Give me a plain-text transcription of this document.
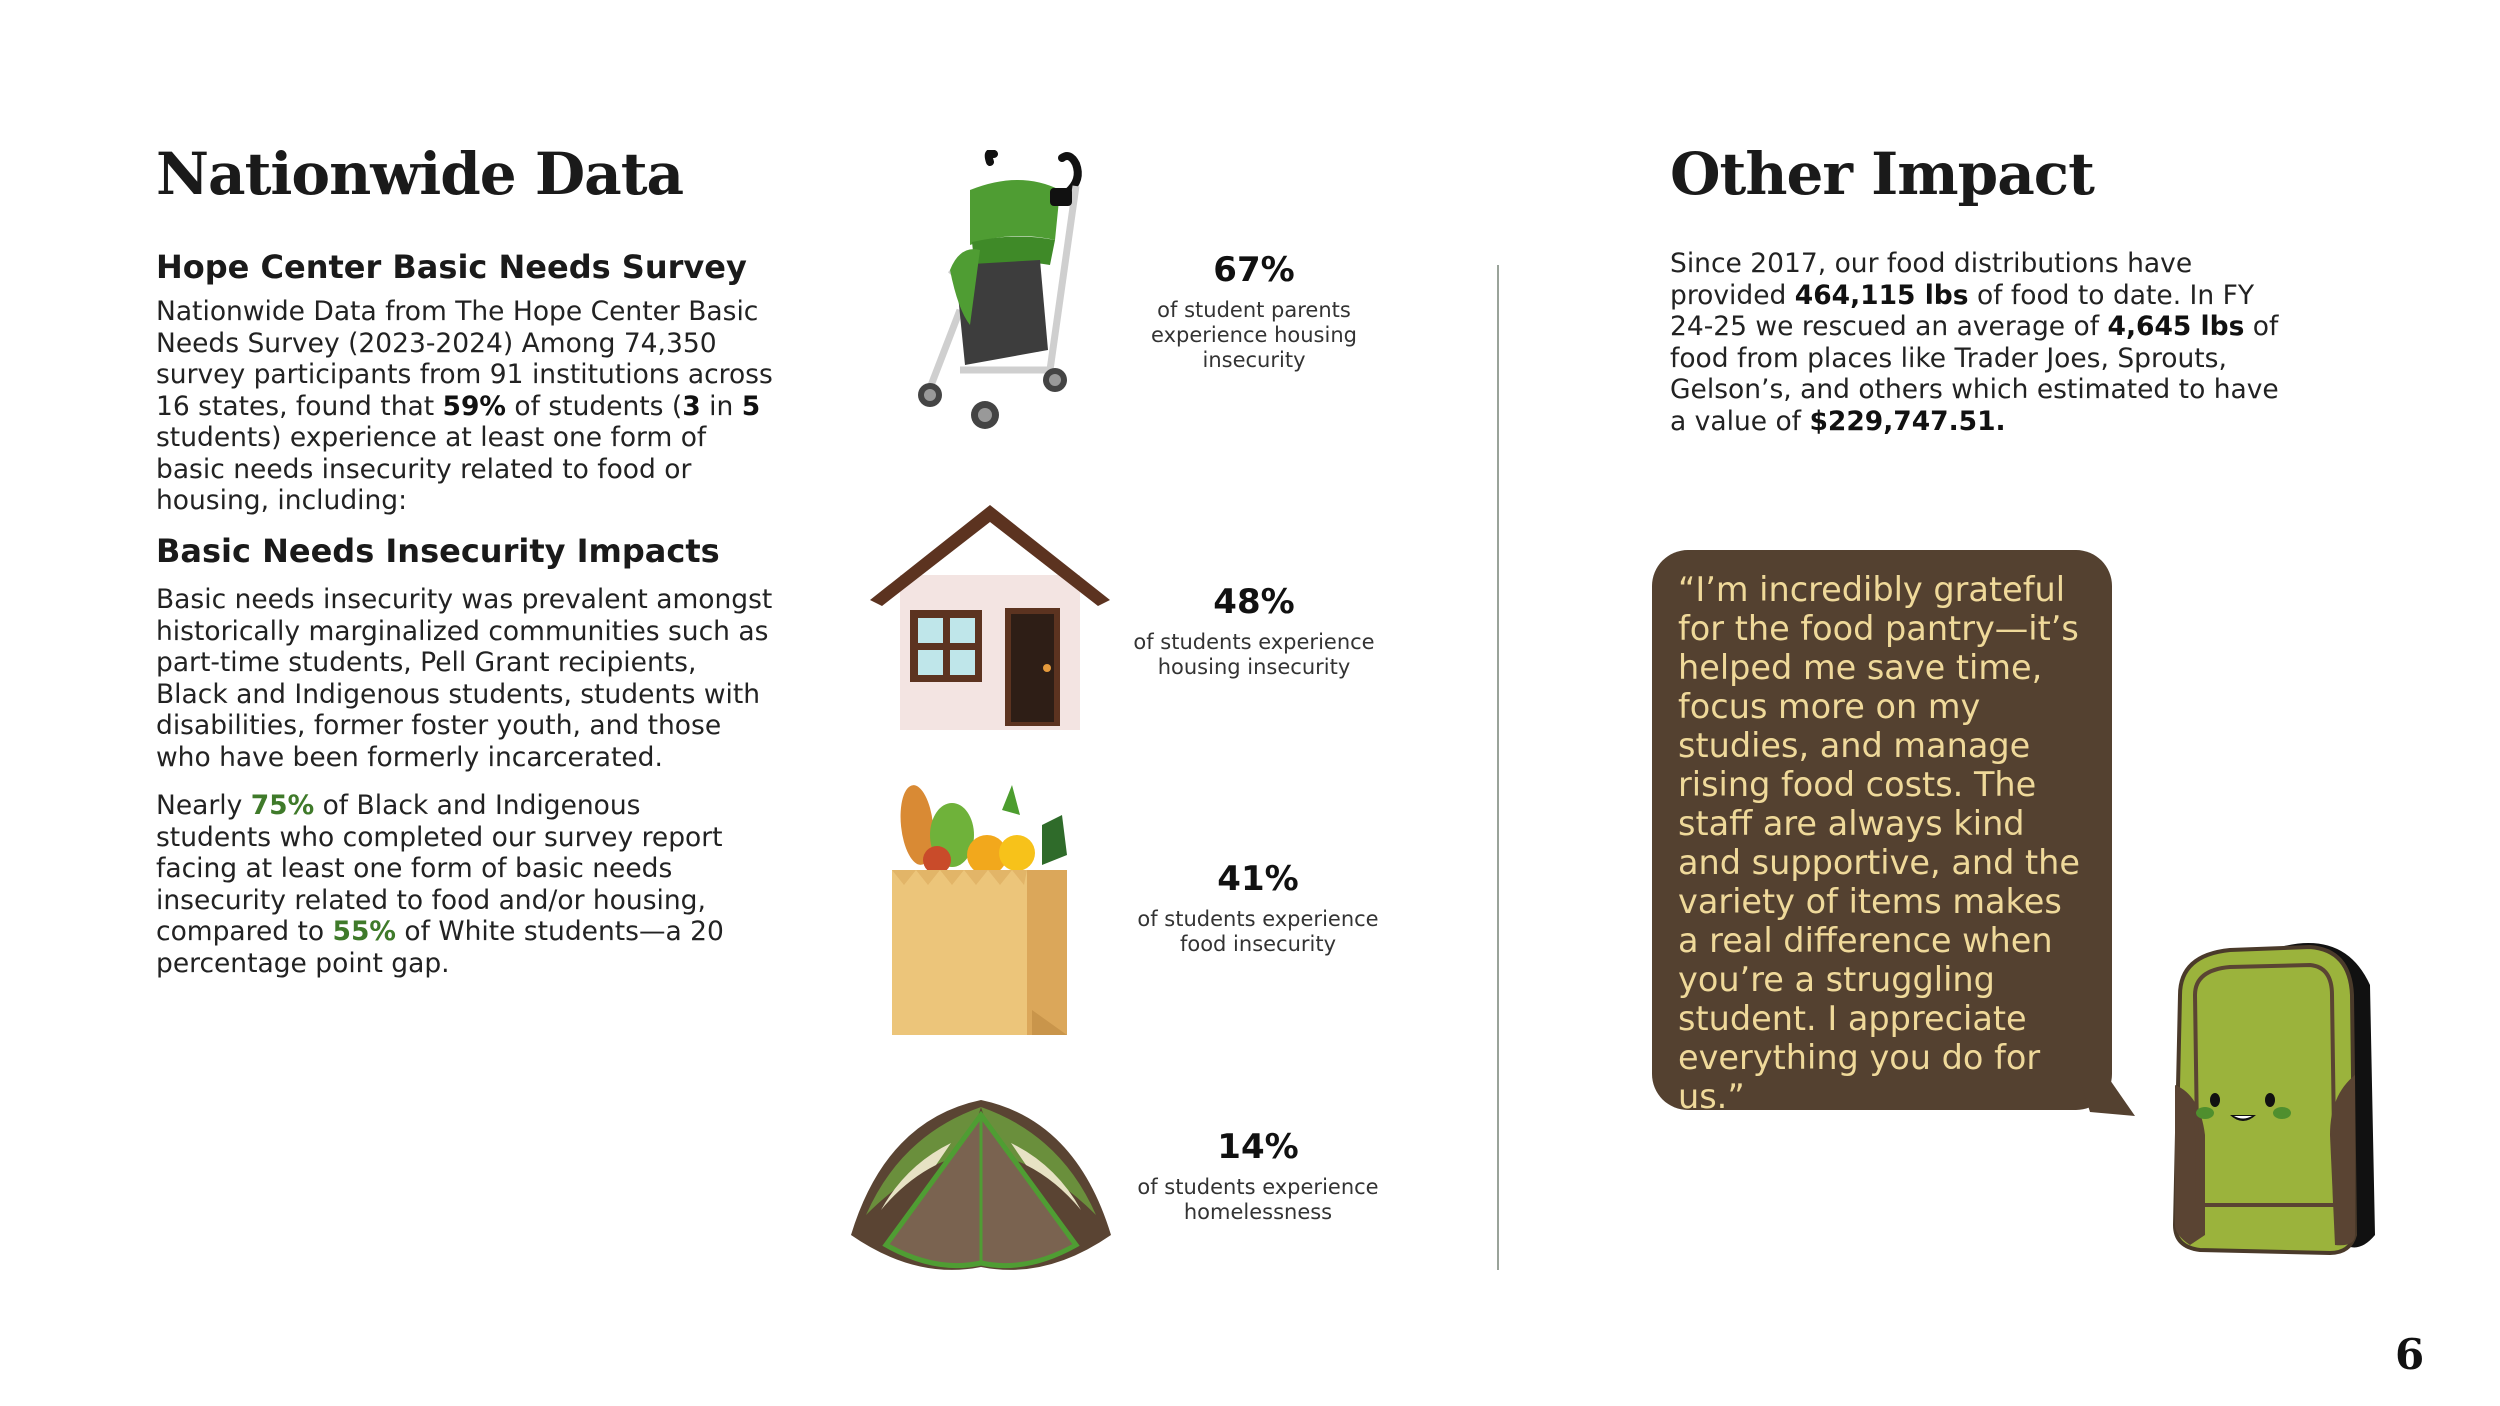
Nationwide Data
Hope Center Basic Needs Survey

Nationwide Data from The Hope Center Basic Needs Survey (2023-2024) Among 74,350 survey participants from 91 institutions across 16 states, found that 59% of students (3 in 5 students) experience at least one form of basic needs insecurity related to food or housing, including:

Basic Needs Insecurity Impacts

Basic needs insecurity was prevalent amongst historically marginalized communities such as part-time students, Pell Grant recipients, Black and Indigenous students, students with disabilities, former foster youth, and those who have been formerly incarcerated.

Nearly 75% of Black and Indigenous students who completed our survey report facing at least one form of basic needs insecurity related to food and/or housing, compared to 55% of White students—a 20 percentage point gap.

67%
of student parents experience housing insecurity
48%
of students experience housing insecurity
41%
of students experience food insecurity
14%
of students experience homelessness
Other Impact

Since 2017, our food distributions have provided 464,115 lbs of food to date. In FY 24-25 we rescued an average of 4,645 lbs of food from places like Trader Joes, Sprouts, Gelson’s, and others which estimated to have a value of $229,747.51.

“I’m incredibly grateful for the food pantry—it’s helped me save time, focus more on my studies, and manage rising food costs. The staff are always kind and supportive, and the variety of items makes a real difference when you’re a struggling student. I appreciate everything you do for us.”
6
